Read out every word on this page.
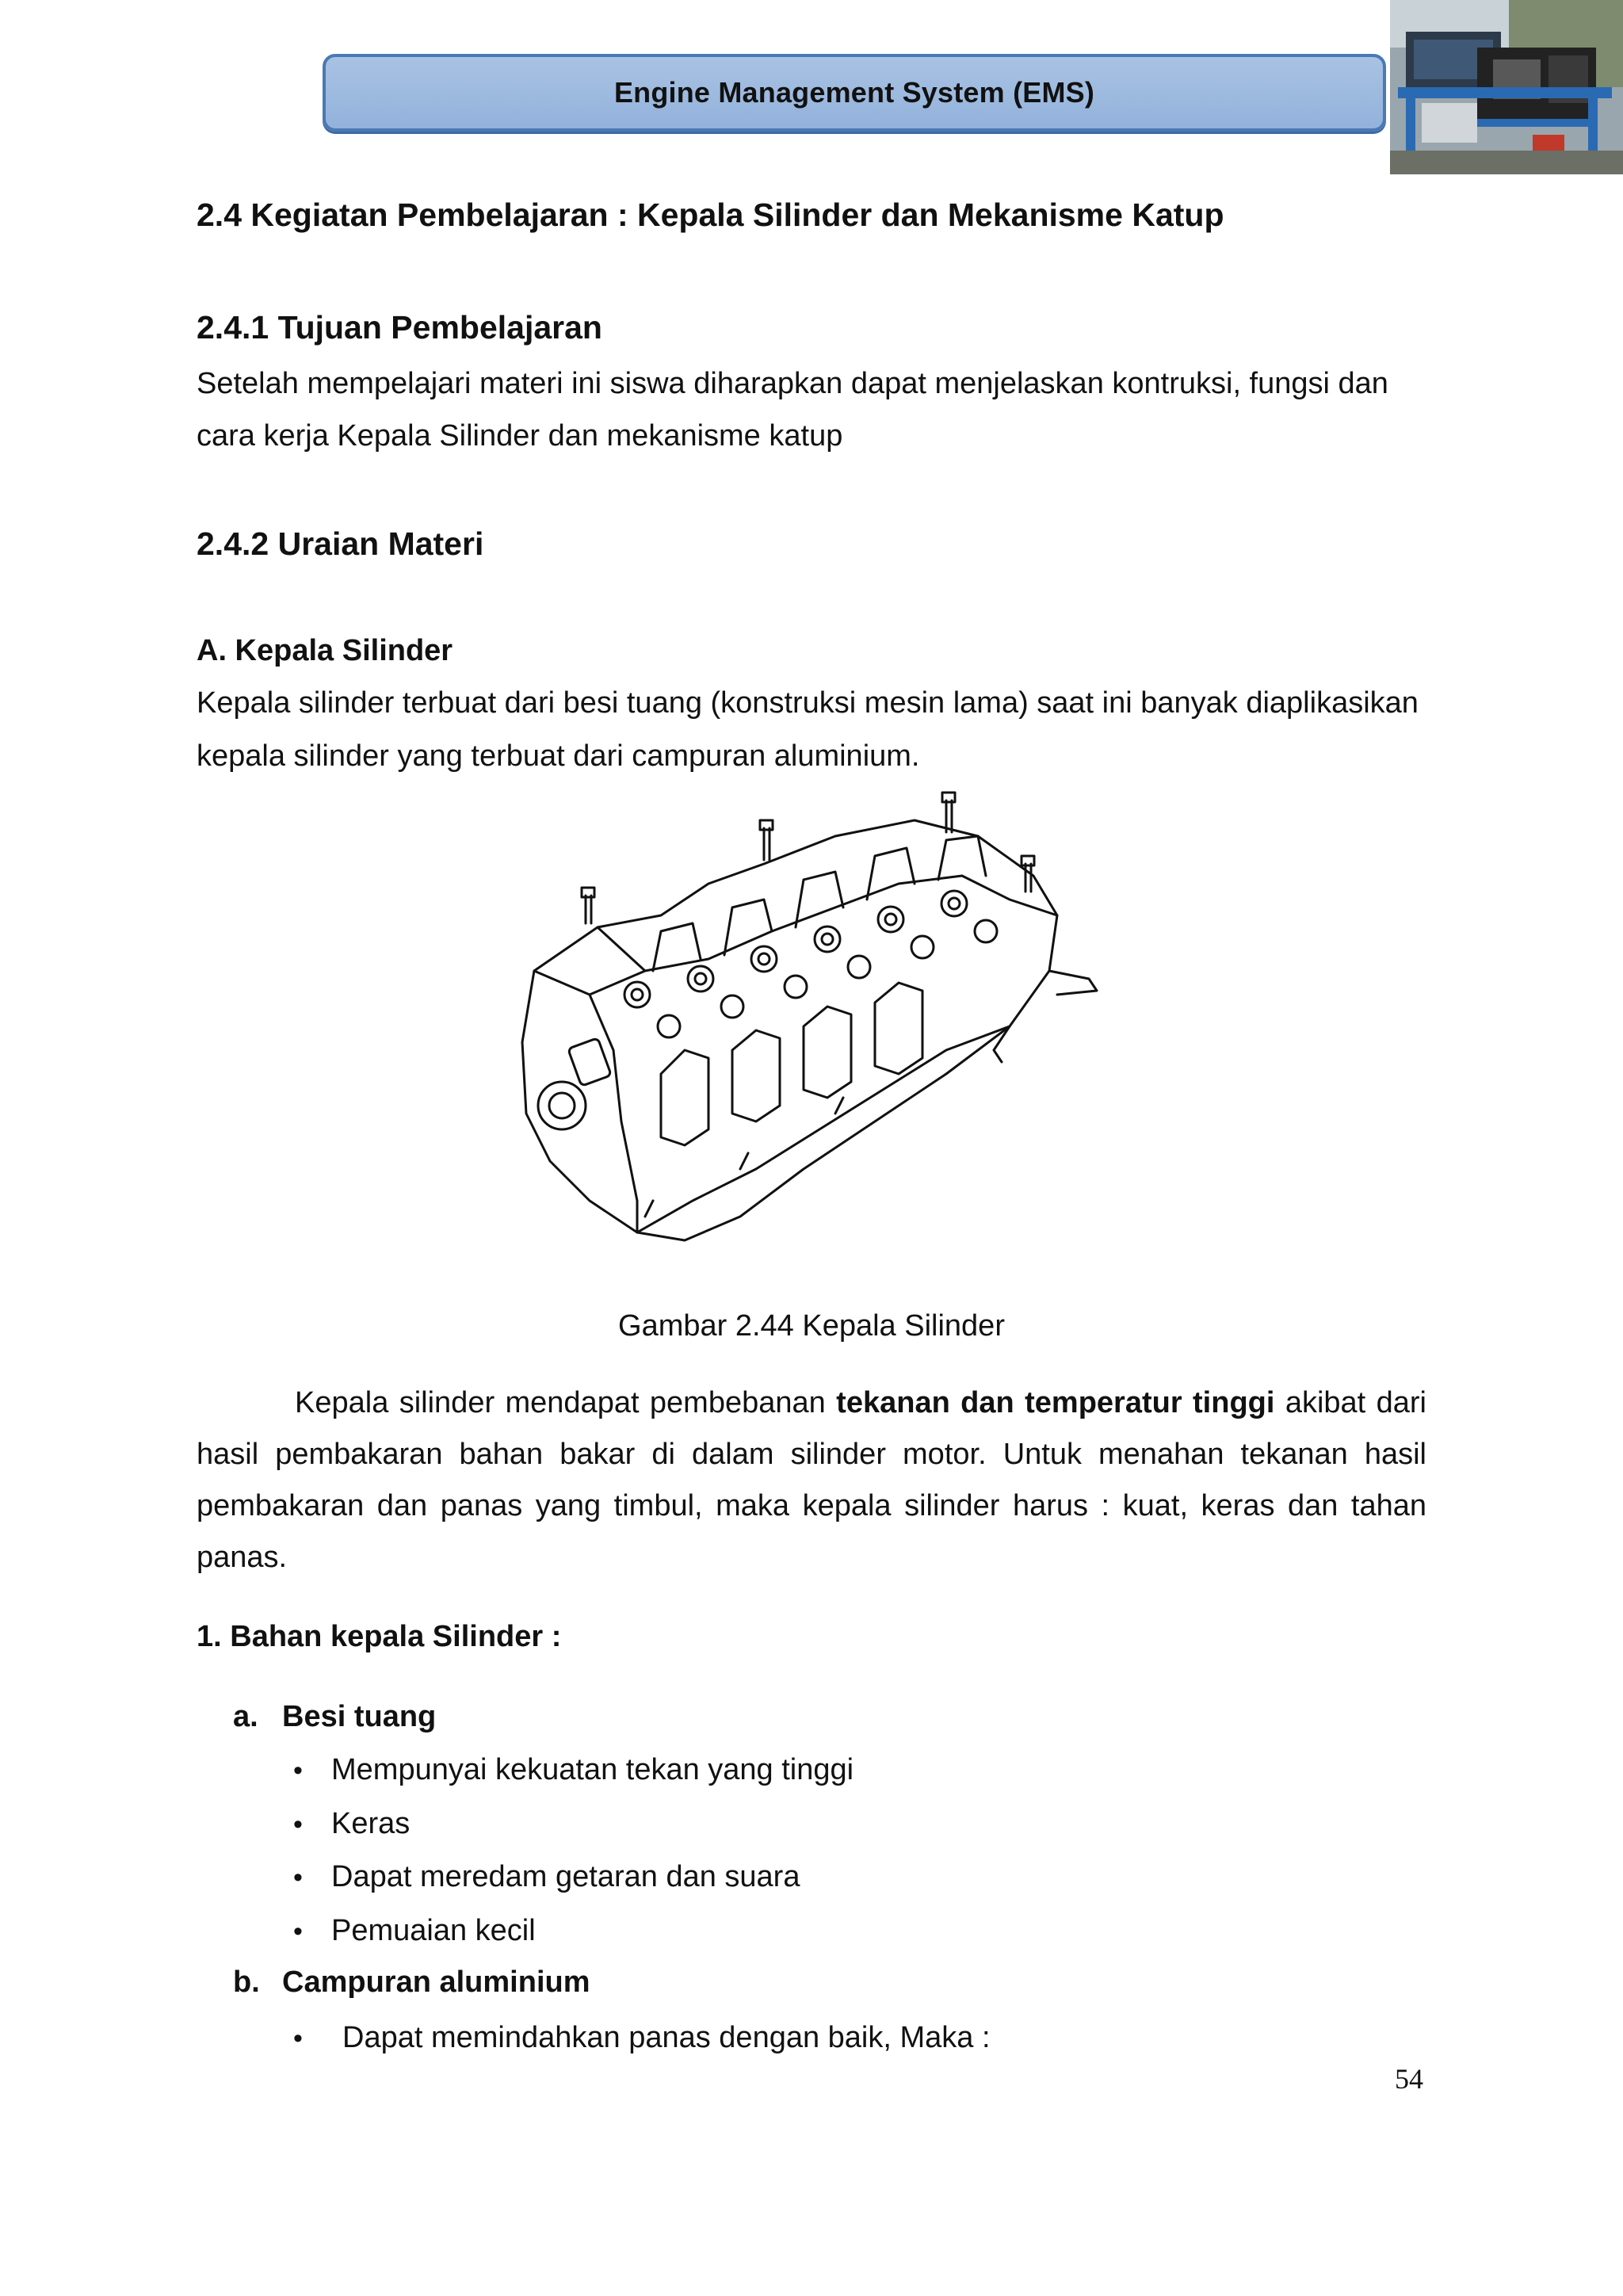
Engine Management System (EMS)

2.4 Kegiatan Pembelajaran : Kepala Silinder dan Mekanisme Katup

2.4.1 Tujuan Pembelajaran

Setelah mempelajari materi ini siswa diharapkan dapat menjelaskan kontruksi, fungsi dan

cara kerja Kepala Silinder dan mekanisme katup

2.4.2 Uraian Materi

A. Kepala Silinder

Kepala silinder terbuat dari besi tuang (konstruksi mesin lama) saat ini banyak diaplikasikan

kepala silinder yang terbuat dari campuran aluminium.

Gambar 2.44 Kepala Silinder

Kepala silinder mendapat pembebanan tekanan dan temperatur tinggi akibat dari hasil pembakaran bahan bakar di dalam silinder motor. Untuk menahan tekanan hasil pembakaran dan panas yang timbul, maka kepala silinder harus : kuat, keras dan tahan panas.

1. Bahan kepala Silinder :

a. Besi tuang

• Mempunyai kekuatan tekan yang tinggi

• Keras

• Dapat meredam getaran dan suara

• Pemuaian kecil

b. Campuran aluminium

• Dapat memindahkan panas dengan baik, Maka :

54
